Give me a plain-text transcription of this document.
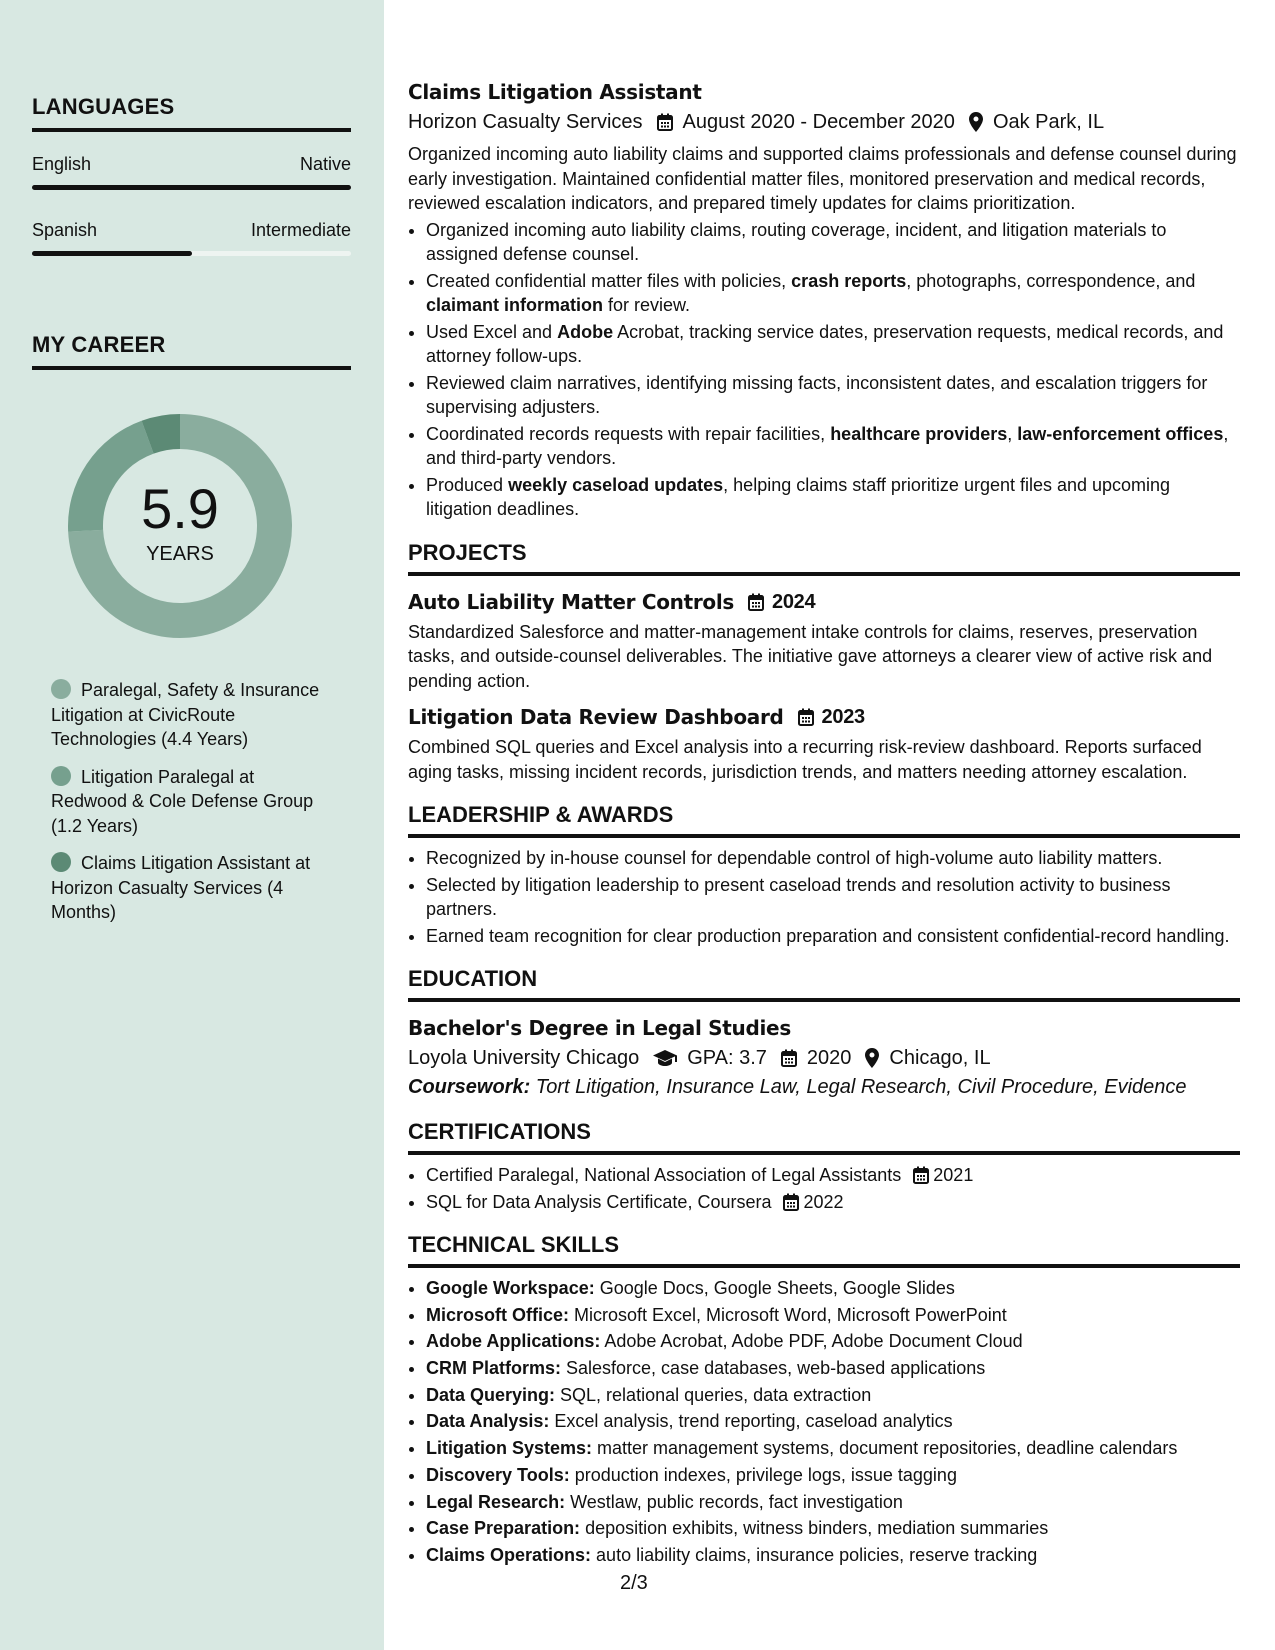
LANGUAGES
English	Native
Spanish	Intermediate
MY CAREER
5.9
YEARS
Paralegal, Safety & Insurance Litigation at CivicRoute Technologies (4.4 Years)
Litigation Paralegal at Redwood & Cole Defense Group (1.2 Years)
Claims Litigation Assistant at Horizon Casualty Services (4 Months)
Claims Litigation Assistant
Horizon Casualty Services August 2020 - December 2020 Oak Park, IL

Organized incoming auto liability claims and supported claims professionals and defense counsel during early investigation. Maintained confidential matter files, monitored preservation and medical records, reviewed escalation indicators, and prepared timely updates for claims prioritization.

• Organized incoming auto liability claims, routing coverage, incident, and litigation materials to assigned defense counsel.
• Created confidential matter files with policies, crash reports, photographs, correspondence, and claimant information for review.
• Used Excel and Adobe Acrobat, tracking service dates, preservation requests, medical records, and attorney follow-ups.
• Reviewed claim narratives, identifying missing facts, inconsistent dates, and escalation triggers for supervising adjusters.
• Coordinated records requests with repair facilities, healthcare providers, law-enforcement offices, and third-party vendors.
• Produced weekly caseload updates, helping claims staff prioritize urgent files and upcoming litigation deadlines.
PROJECTS
Auto Liability Matter Controls 2024

Standardized Salesforce and matter-management intake controls for claims, reserves, preservation tasks, and outside-counsel deliverables. The initiative gave attorneys a clearer view of active risk and pending action.

Litigation Data Review Dashboard 2023

Combined SQL queries and Excel analysis into a recurring risk-review dashboard. Reports surfaced aging tasks, missing incident records, jurisdiction trends, and matters needing attorney escalation.

LEADERSHIP & AWARDS
• Recognized by in-house counsel for dependable control of high-volume auto liability matters.
• Selected by litigation leadership to present caseload trends and resolution activity to business partners.
• Earned team recognition for clear production preparation and consistent confidential-record handling.
EDUCATION
Bachelor's Degree in Legal Studies
Loyola University Chicago GPA: 3.7 2020 Chicago, IL
Coursework: Tort Litigation, Insurance Law, Legal Research, Civil Procedure, Evidence
CERTIFICATIONS
• Certified Paralegal, National Association of Legal Assistants 2021
• SQL for Data Analysis Certificate, Coursera 2022
TECHNICAL SKILLS
• Google Workspace: Google Docs, Google Sheets, Google Slides
• Microsoft Office: Microsoft Excel, Microsoft Word, Microsoft PowerPoint
• Adobe Applications: Adobe Acrobat, Adobe PDF, Adobe Document Cloud
• CRM Platforms: Salesforce, case databases, web-based applications
• Data Querying: SQL, relational queries, data extraction
• Data Analysis: Excel analysis, trend reporting, caseload analytics
• Litigation Systems: matter management systems, document repositories, deadline calendars
• Discovery Tools: production indexes, privilege logs, issue tagging
• Legal Research: Westlaw, public records, fact investigation
• Case Preparation: deposition exhibits, witness binders, mediation summaries
• Claims Operations: auto liability claims, insurance policies, reserve tracking
2/3
